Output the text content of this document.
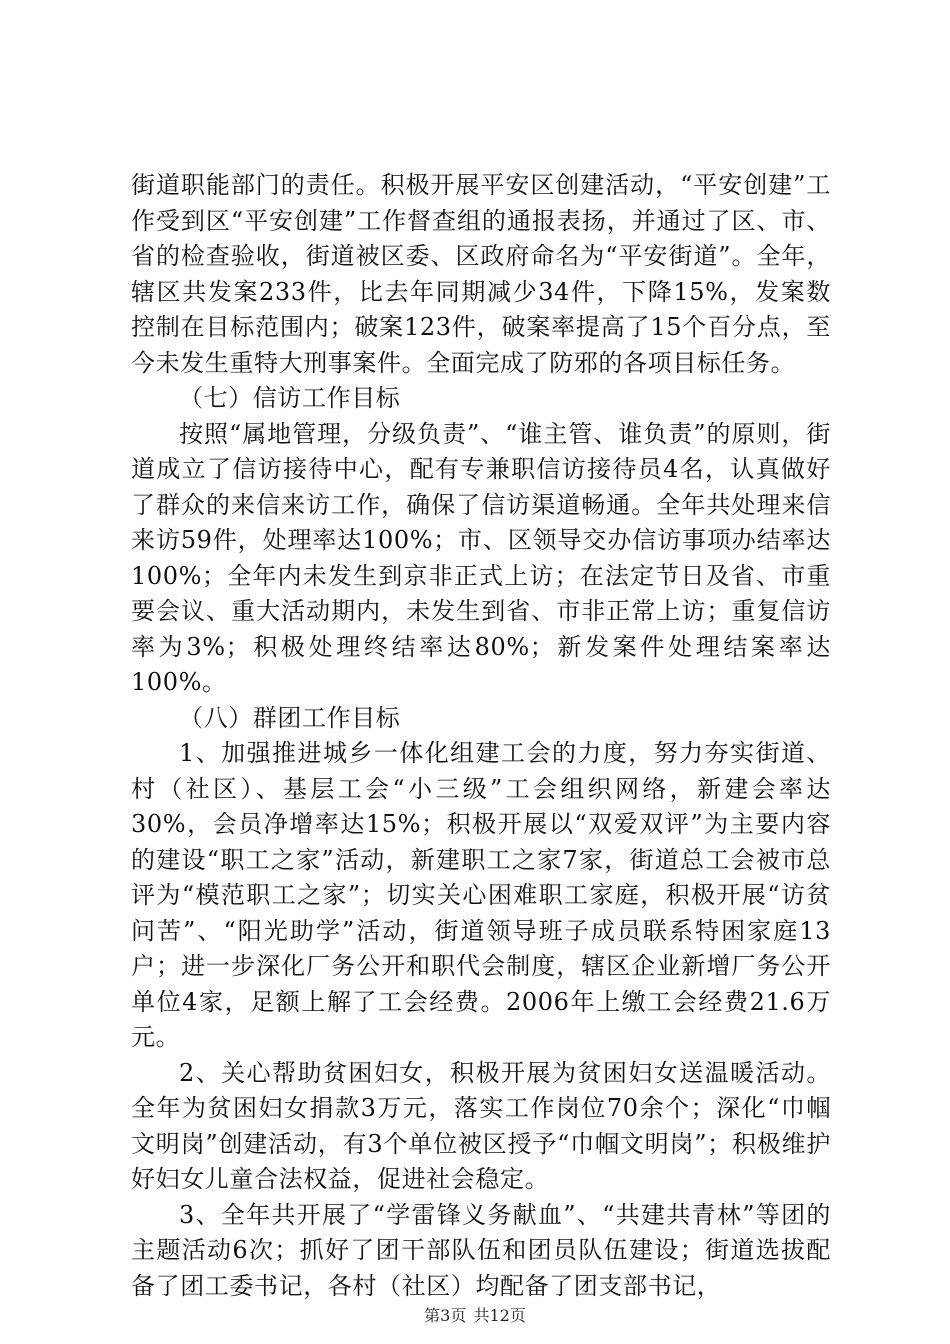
街道职能部门的责任。积极开展平安区创建活动，“平安创建”工作受到区“平安创建”工作督查组的通报表扬，并通过了区、市、省的检查验收，街道被区委、区政府命名为“平安街道”。全年，辖区共发案233件，比去年同期减少34件，下降15%，发案数控制在目标范围内；破案123件，破案率提高了15个百分点，至今未发生重特大刑事案件。全面完成了防邪的各项目标任务。

（七）信访工作目标

按照“属地管理，分级负责”、“谁主管、谁负责”的原则，街道成立了信访接待中心，配有专兼职信访接待员4名，认真做好了群众的来信来访工作，确保了信访渠道畅通。全年共处理来信来访59件，处理率达100%；市、区领导交办信访事项办结率达100%；全年内未发生到京非正式上访；在法定节日及省、市重要会议、重大活动期内，未发生到省、市非正常上访；重复信访率为3%；积极处理终结率达80%；新发案件处理结案率达100%。

（八）群团工作目标

1、加强推进城乡一体化组建工会的力度，努力夯实街道、村（社区）、基层工会“小三级”工会组织网络，新建会率达30%，会员净增率达15%；积极开展以“双爱双评”为主要内容的建设“职工之家”活动，新建职工之家7家，街道总工会被市总评为“模范职工之家”；切实关心困难职工家庭，积极开展“访贫问苦”、“阳光助学”活动，街道领导班子成员联系特困家庭13户；进一步深化厂务公开和职代会制度，辖区企业新增厂务公开单位4家，足额上解了工会经费。2006年上缴工会经费21.6万元。

2、关心帮助贫困妇女，积极开展为贫困妇女送温暖活动。全年为贫困妇女捐款3万元，落实工作岗位70余个；深化“巾帼文明岗”创建活动，有3个单位被区授予“巾帼文明岗”；积极维护好妇女儿童合法权益，促进社会稳定。

3、全年共开展了“学雷锋义务献血”、“共建共青林”等团的主题活动6次；抓好了团干部队伍和团员队伍建设；街道选拔配备了团工委书记，各村（社区）均配备了团支部书记，

第3页 共12页
